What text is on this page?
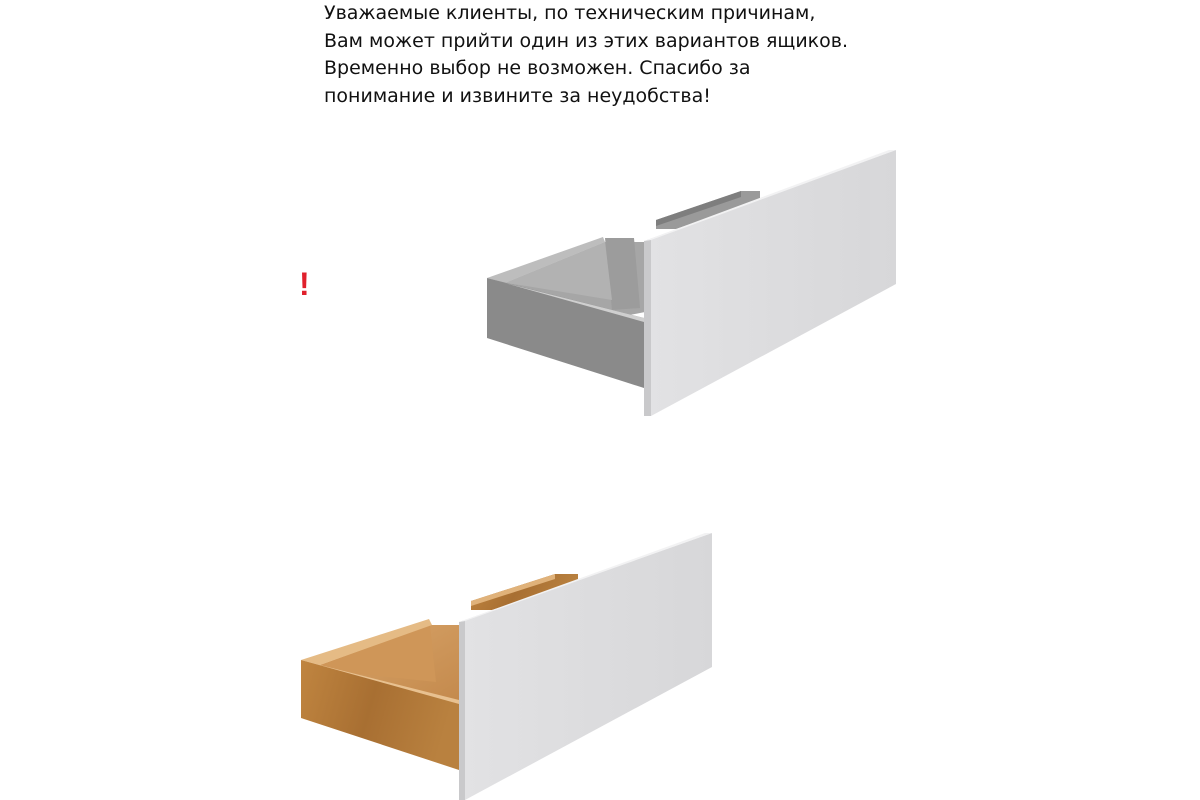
Уважаемые клиенты, по техническим причинам,
Вам может прийти один из этих вариантов ящиков.
Временно выбор не возможен. Спасибо за
понимание и извините за неудобства!
!
